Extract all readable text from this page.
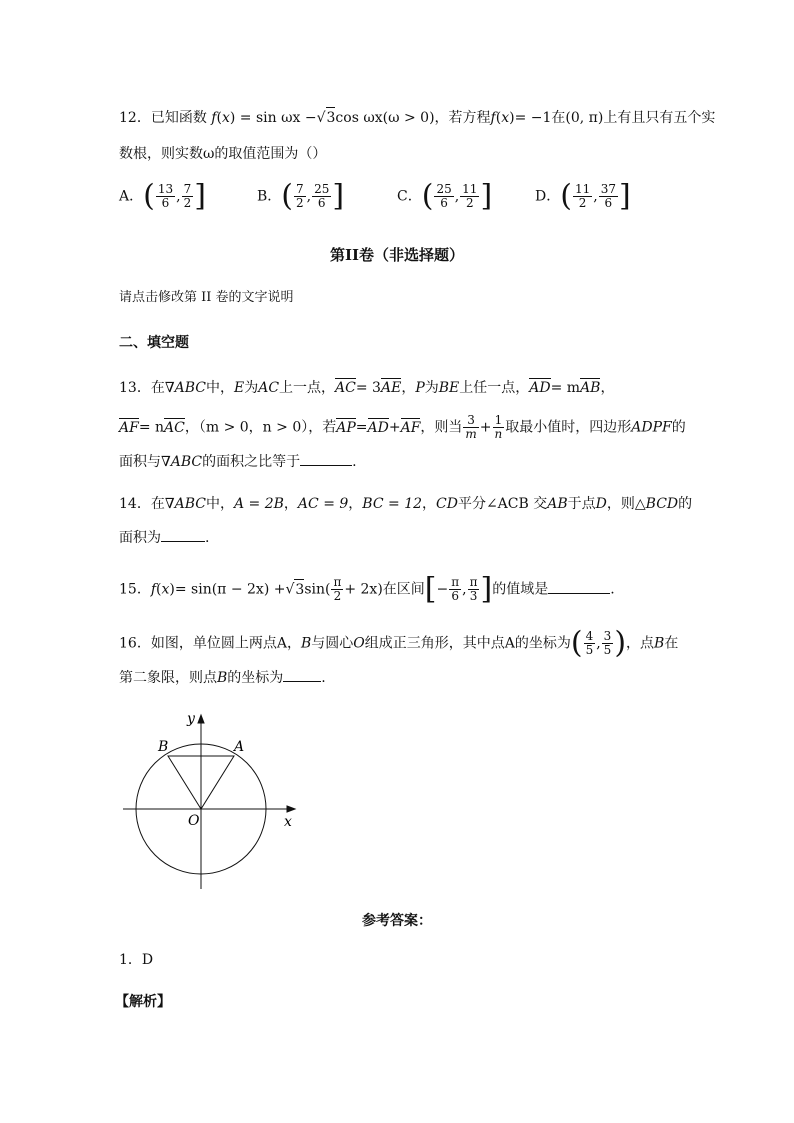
12．已知函数 f(x) = sin ωx −√3cos ωx(ω > 0)，若方程f(x)= −1在(0, π)上有且只有五个实
数根，则实数ω的取值范围为（）
A．( $\frac{13}{6}$ , $\frac{7}{2}$ ]	B．( $\frac{7}{2}$ , $\frac{25}{6}$ ]	C．( $\frac{25}{6}$ , $\frac{11}{2}$ ]	D．( $\frac{11}{2}$ , $\frac{37}{6}$ ]
第II卷（非选择题）
请点击修改第 II 卷的文字说明
二、填空题
13．在∇ABC中，E为AC上一点，AC= 3AE，P为BE上任一点，AD= mAB，
AF= nAC，（m > 0，n > 0），若AP=AD+AF，则当 $\frac{3}{m} + \frac{1}{n}$ 取最小值时，四边形ADPF的
面积与∇ABC的面积之比等于	.
14．在∇ABC中，A = 2B，AC = 9，BC = 12，CD平分∠ACB 交AB于点D，则△BCD的
面积为	.
15．$f(x)= \sin(\pi - 2x) +√3\sin( \frac{\pi}{2} + 2x)$在区间[− $\frac{\pi}{6}$ , $\frac{\pi}{3}$ ]的值域是	.
16．如图，单位圆上两点A，B与圆心O组成正三角形，其中点A的坐标为( $\frac{4}{5}$ , $\frac{3}{5}$ )，点B在
第二象限，则点B的坐标为	.
y
x
O
A
B
参考答案：
1．D
【解析】
